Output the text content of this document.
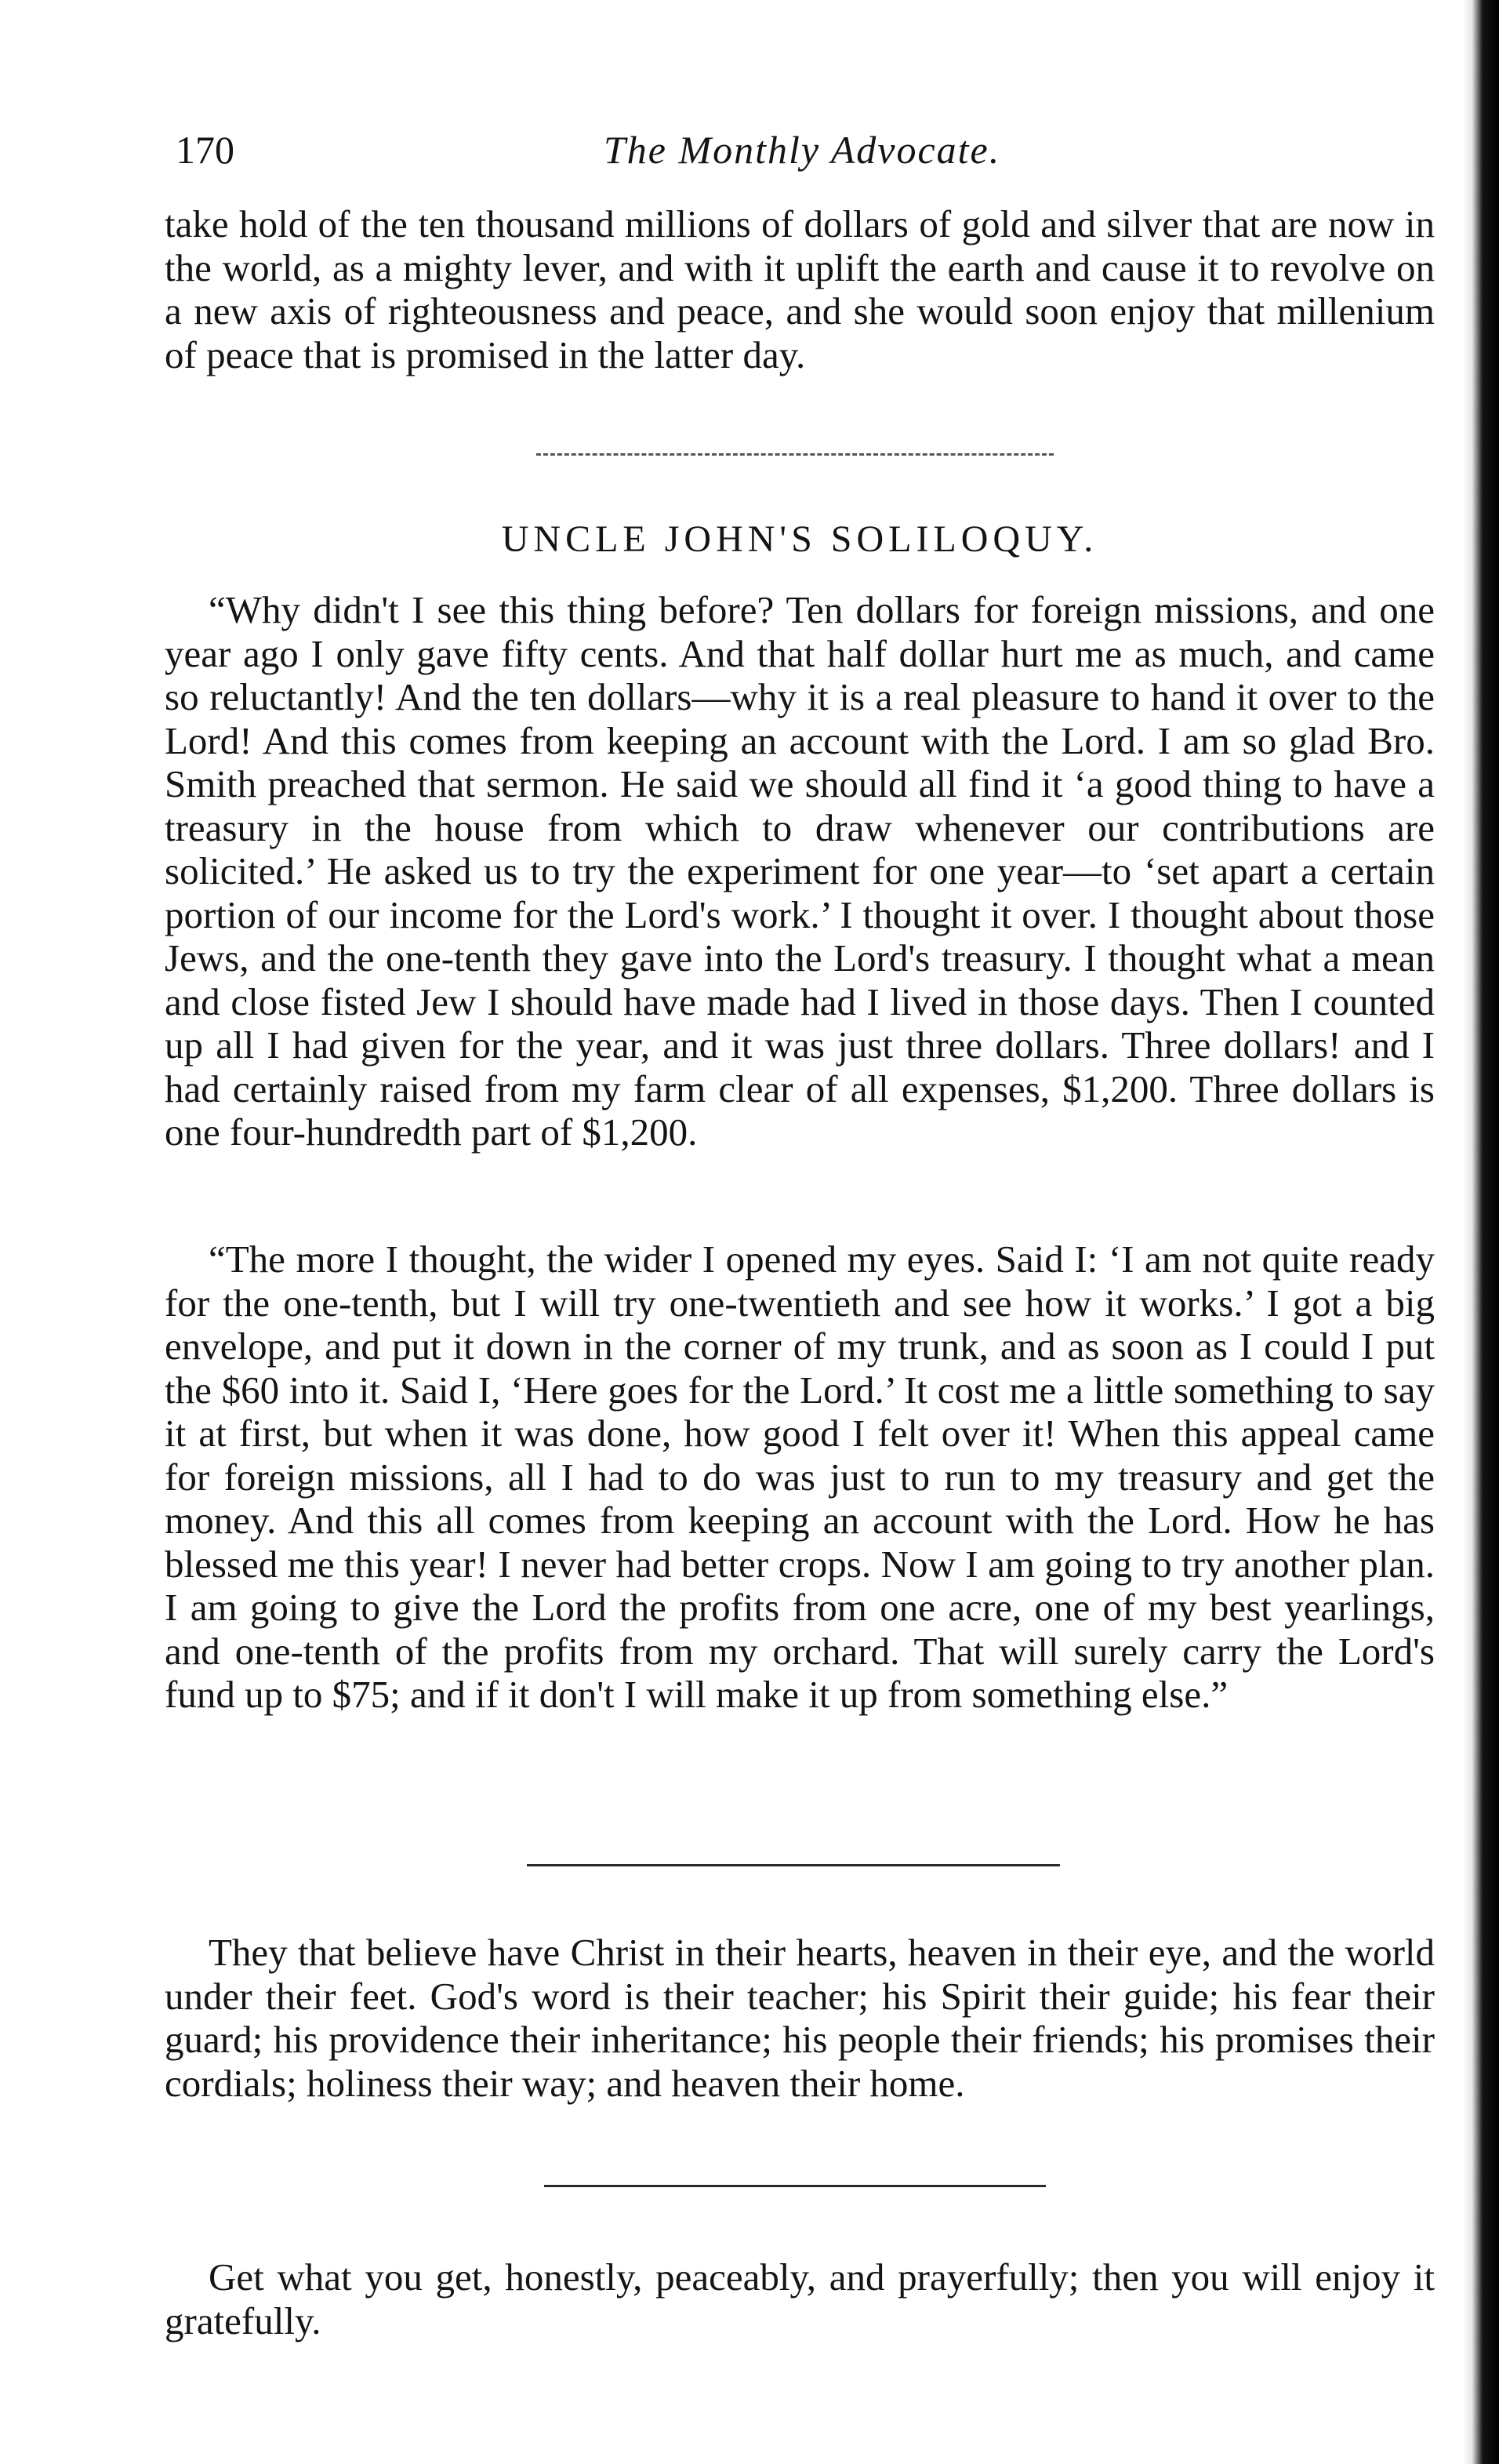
170	The Monthly Advocate.

take hold of the ten thousand millions of dollars of gold and silver that are now in the world, as a mighty lever, and with it uplift the earth and cause it to revolve on a new axis of righteousness and peace, and she would soon enjoy that millenium of peace that is promised in the latter day.

UNCLE JOHN'S SOLILOQUY.

“Why didn't I see this thing before? Ten dollars for foreign missions, and one year ago I only gave fifty cents. And that half dollar hurt me as much, and came so reluctantly! And the ten dollars—why it is a real pleasure to hand it over to the Lord! And this comes from keeping an account with the Lord. I am so glad Bro. Smith preached that sermon. He said we should all find it ‘a good thing to have a treasury in the house from which to draw whenever our contributions are solicited.’ He asked us to try the experiment for one year—to ‘set apart a certain portion of our income for the Lord's work.’ I thought it over. I thought about those Jews, and the one-tenth they gave into the Lord's treasury. I thought what a mean and close fisted Jew I should have made had I lived in those days. Then I counted up all I had given for the year, and it was just three dollars. Three dollars! and I had certainly raised from my farm clear of all expenses, $1,200. Three dollars is one four-hundredth part of $1,200.

“The more I thought, the wider I opened my eyes. Said I: ‘I am not quite ready for the one-tenth, but I will try one-twentieth and see how it works.’ I got a big envelope, and put it down in the corner of my trunk, and as soon as I could I put the $60 into it. Said I, ‘Here goes for the Lord.’ It cost me a little something to say it at first, but when it was done, how good I felt over it! When this appeal came for foreign missions, all I had to do was just to run to my treasury and get the money. And this all comes from keeping an account with the Lord. How he has blessed me this year! I never had better crops. Now I am going to try another plan. I am going to give the Lord the profits from one acre, one of my best yearlings, and one-tenth of the profits from my orchard. That will surely carry the Lord's fund up to $75; and if it don't I will make it up from something else.”

They that believe have Christ in their hearts, heaven in their eye, and the world under their feet. God's word is their teacher; his Spirit their guide; his fear their guard; his providence their inheritance; his people their friends; his promises their cordials; holiness their way; and heaven their home.

Get what you get, honestly, peaceably, and prayerfully; then you will enjoy it gratefully.
